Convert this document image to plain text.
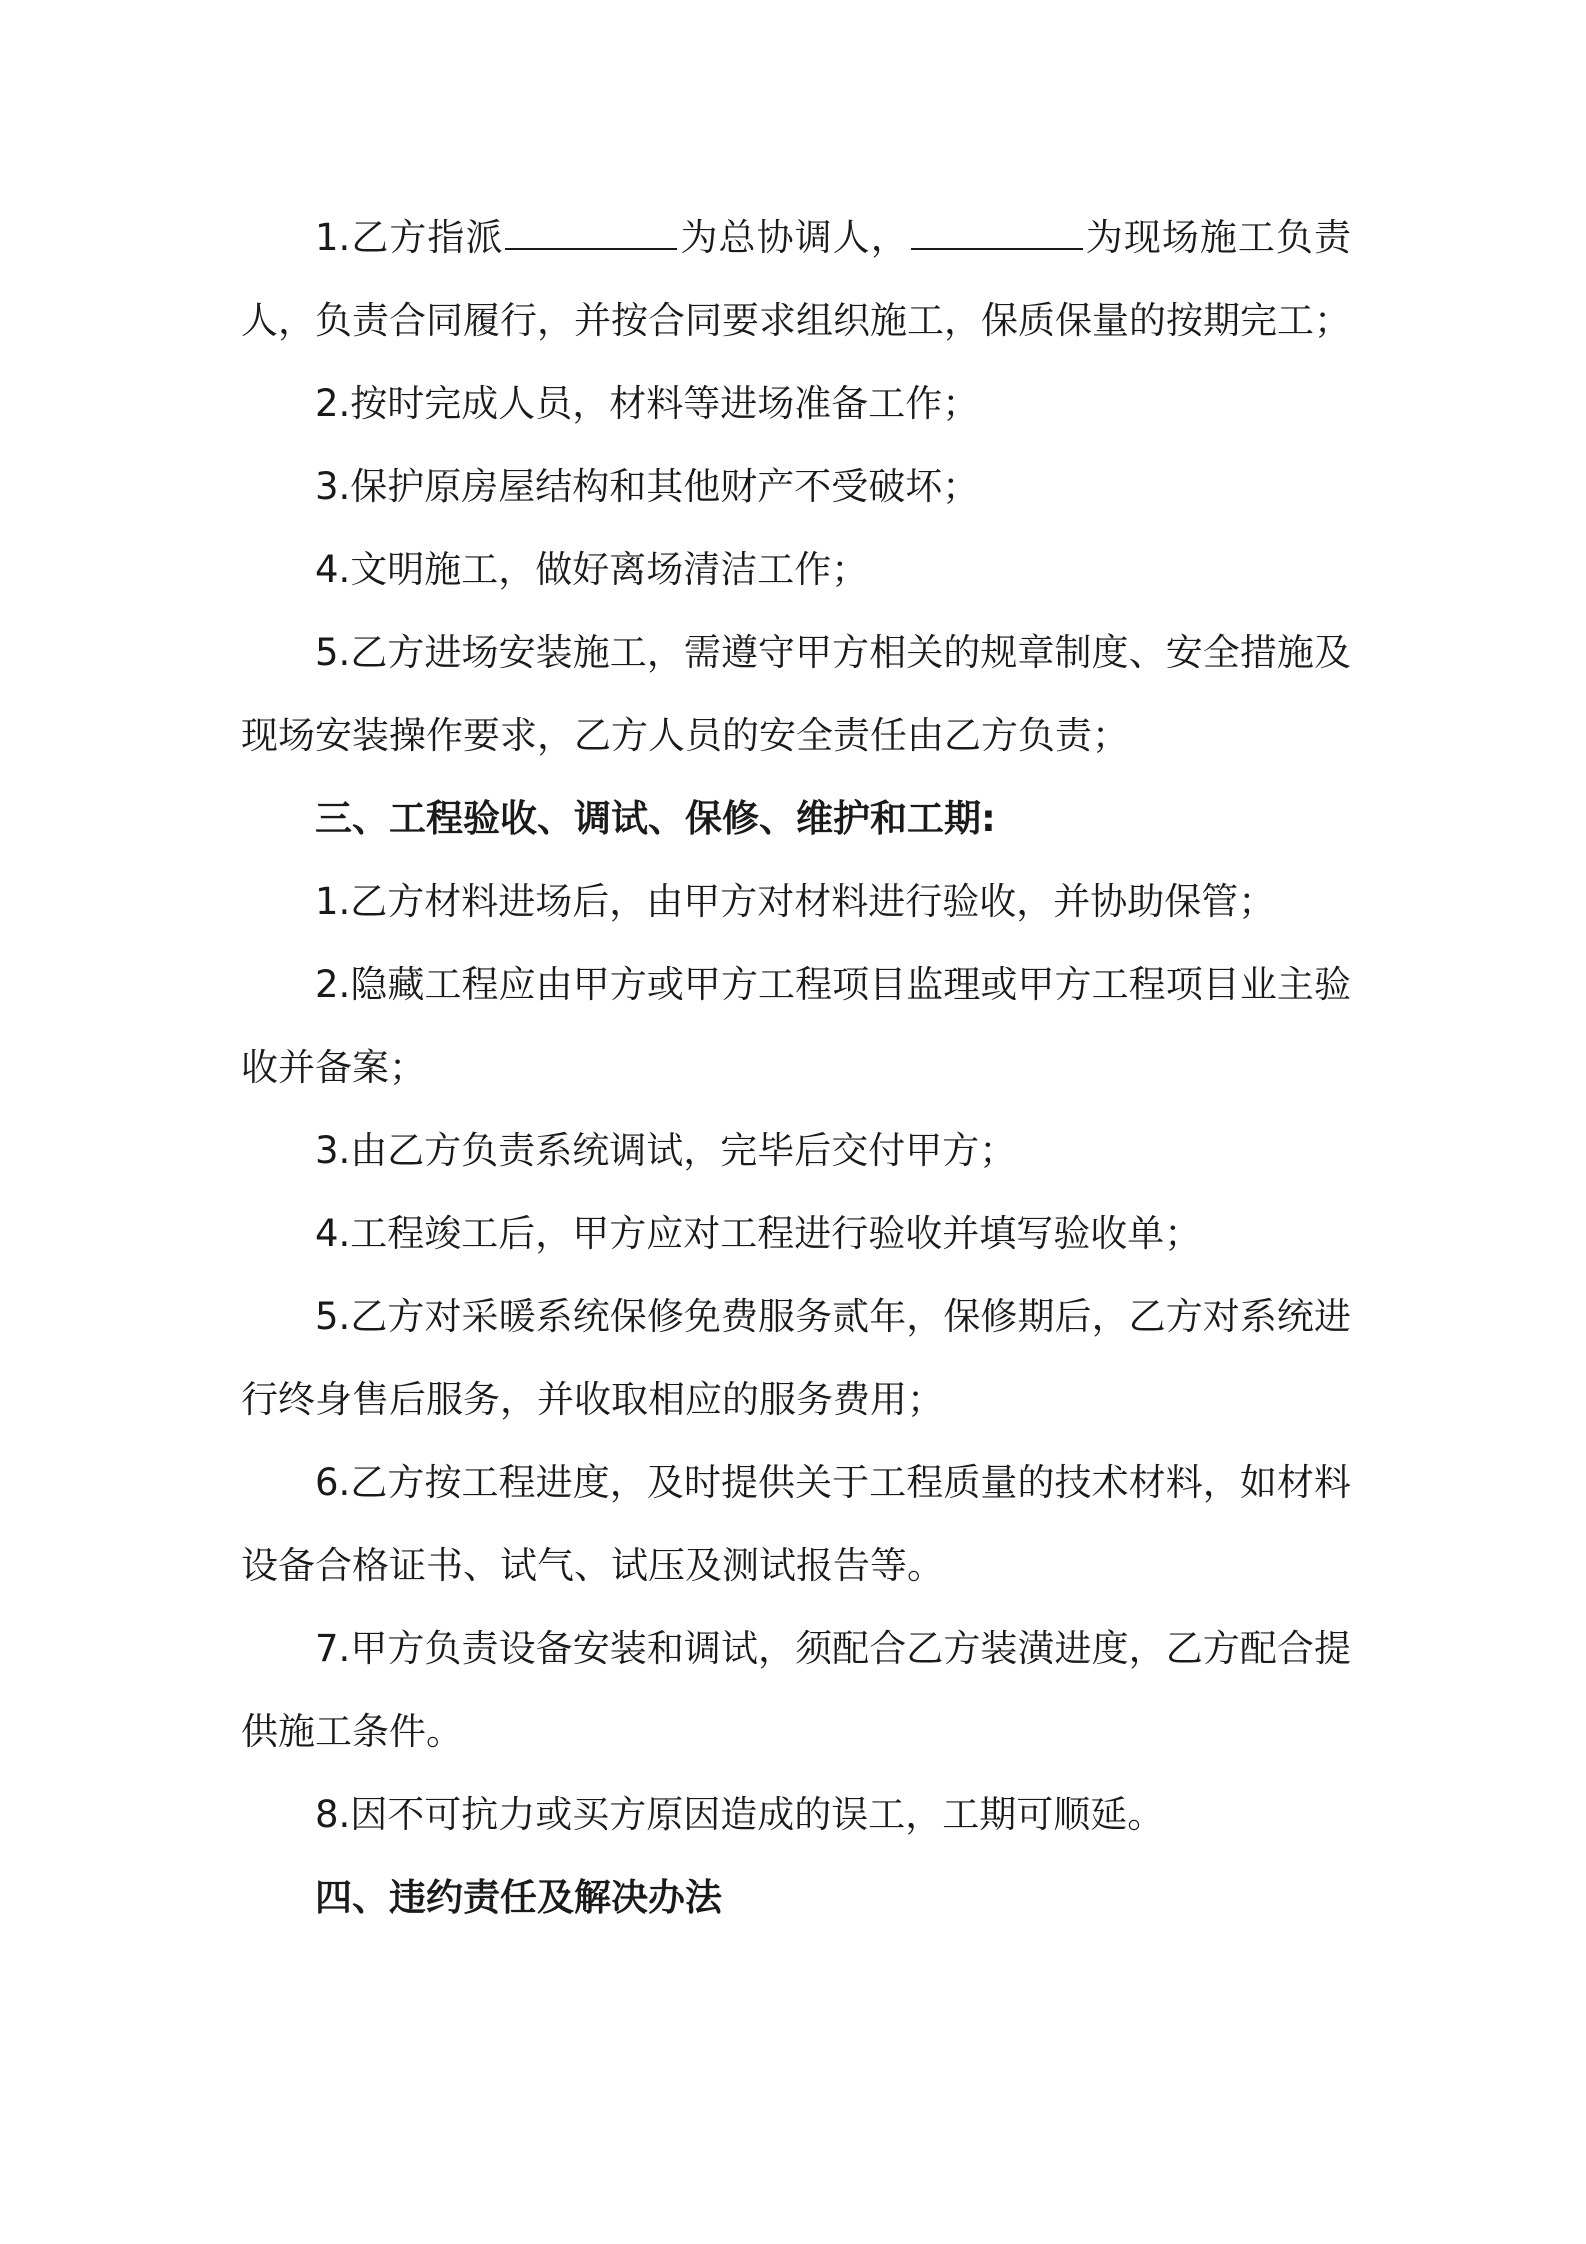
1.乙方指派	为总协调人，	为现场施工负责人，负责合同履行，并按合同要求组织施工，保质保量的按期完工；

2.按时完成人员，材料等进场准备工作；

3.保护原房屋结构和其他财产不受破坏；

4.文明施工，做好离场清洁工作；

5.乙方进场安装施工，需遵守甲方相关的规章制度、安全措施及现场安装操作要求，乙方人员的安全责任由乙方负责；

三、工程验收、调试、保修、维护和工期:

1.乙方材料进场后，由甲方对材料进行验收，并协助保管；

2.隐藏工程应由甲方或甲方工程项目监理或甲方工程项目业主验收并备案；

3.由乙方负责系统调试，完毕后交付甲方；

4.工程竣工后，甲方应对工程进行验收并填写验收单；

5.乙方对采暖系统保修免费服务贰年，保修期后，乙方对系统进行终身售后服务，并收取相应的服务费用；

6.乙方按工程进度，及时提供关于工程质量的技术材料，如材料设备合格证书、试气、试压及测试报告等。

7.甲方负责设备安装和调试，须配合乙方装潢进度，乙方配合提供施工条件。

8.因不可抗力或买方原因造成的误工，工期可顺延。

四、违约责任及解决办法
